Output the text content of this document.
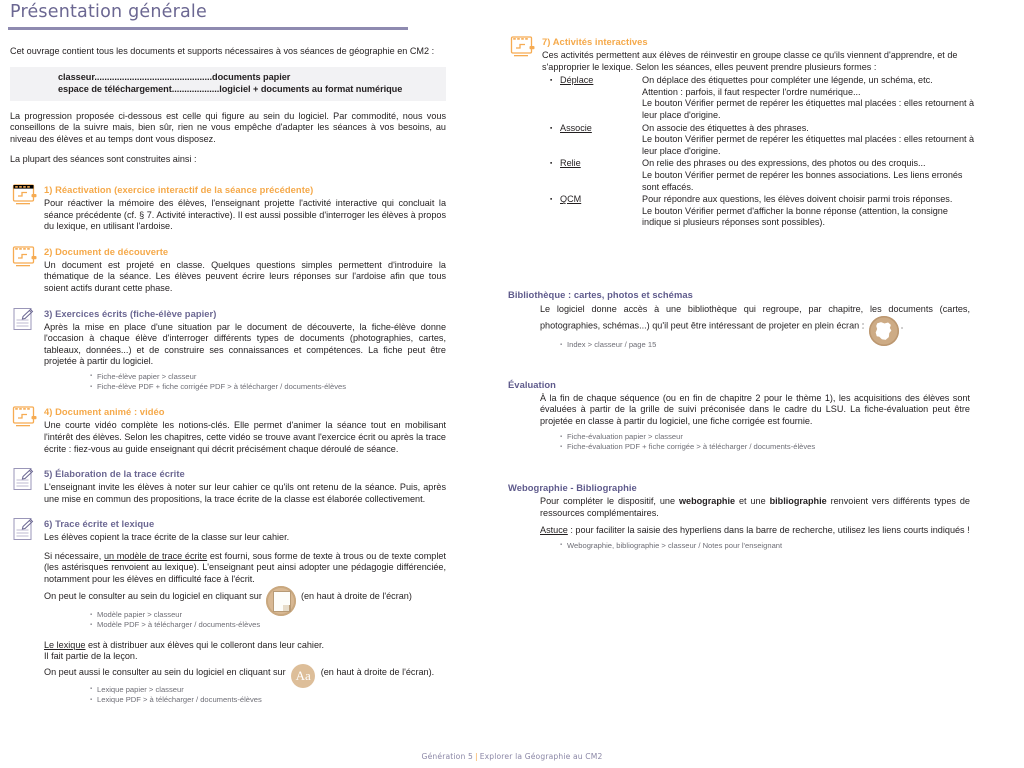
Présentation générale

Cet ouvrage contient tous les documents et supports nécessaires à vos séances de géographie en CM2 :

classeur...............................................documents papier
espace de téléchargement...................logiciel + documents au format numérique

La progression proposée ci-dessous est celle qui figure au sein du logiciel. Par commodité, nous vous conseillons de la suivre mais, bien sûr, rien ne vous empêche d'adapter les séances à vos besoins, au niveau des élèves et au temps dont vous disposez.

La plupart des séances sont construites ainsi :

1) Réactivation (exercice interactif de la séance précédente)

Pour réactiver la mémoire des élèves, l'enseignant projette l'activité interactive qui concluait la séance précédente (cf. § 7. Activité interactive). Il est aussi possible d'interroger les élèves à propos du lexique, en utilisant l'ardoise.

2) Document de découverte

Un document est projeté en classe. Quelques questions simples permettent d'introduire la thématique de la séance. Les élèves peuvent écrire leurs réponses sur l'ardoise afin que tous soient actifs durant cette phase.

3) Exercices écrits (fiche-élève papier)

Après la mise en place d'une situation par le document de découverte, la fiche-élève donne l'occasion à chaque élève d'interroger différents types de documents (photographies, cartes, tableaux, données...) et de construire ses connaissances et compétences. La fiche peut être projetée à partir du logiciel.

▪ Fiche-élève papier > classeur
▪ Fiche-élève PDF + fiche corrigée PDF > à télécharger / documents-élèves
4) Document animé : vidéo

Une courte vidéo complète les notions-clés. Elle permet d'animer la séance tout en mobilisant l'intérêt des élèves. Selon les chapitres, cette vidéo se trouve avant l'exercice écrit ou après la trace écrite : fiez-vous au guide enseignant qui décrit précisément chaque déroulé de séance.

5) Élaboration de la trace écrite

L'enseignant invite les élèves à noter sur leur cahier ce qu'ils ont retenu de la séance. Puis, après une mise en commun des propositions, la trace écrite de la classe est élaborée collectivement.

6) Trace écrite et lexique

Les élèves copient la trace écrite de la classe sur leur cahier.

Si nécessaire, un modèle de trace écrite est fourni, sous forme de texte à trous ou de texte complet (les astérisques renvoient au lexique). L'enseignant peut ainsi adopter une pédagogie différenciée, notamment pour les élèves en difficulté face à l'écrit.

On peut le consulter au sein du logiciel en cliquant sur	(en haut à droite de l'écran)

▪ Modèle papier > classeur
▪ Modèle PDF > à télécharger / documents-élèves

Le lexique est à distribuer aux élèves qui le colleront dans leur cahier.

Il fait partie de la leçon.

On peut aussi le consulter au sein du logiciel en cliquant sur Aa (en haut à droite de l'écran).

▪ Lexique papier > classeur
▪ Lexique PDF > à télécharger / documents-élèves
7) Activités interactives

Ces activités permettent aux élèves de réinvestir en groupe classe ce qu'ils viennent d'apprendre, et de s'approprier le lexique. Selon les séances, elles peuvent prendre plusieurs formes :

▪ Déplace	On déplace des étiquettes pour compléter une légende, un schéma, etc.
Attention : parfois, il faut respecter l'ordre numérique...
Le bouton Vérifier permet de repérer les étiquettes mal placées : elles retournent à
leur place d'origine.
▪ Associe	On associe des étiquettes à des phrases.
Le bouton Vérifier permet de repérer les étiquettes mal placées : elles retournent à
leur place d'origine.
▪ Relie	On relie des phrases ou des expressions, des photos ou des croquis...
Le bouton Vérifier permet de repérer les bonnes associations. Les liens erronés
sont effacés.
▪ QCM	Pour répondre aux questions, les élèves doivent choisir parmi trois réponses.
Le bouton Vérifier permet d'afficher la bonne réponse (attention, la consigne
indique si plusieurs réponses sont possibles).
Bibliothèque : cartes, photos et schémas

Le logiciel donne accès à une bibliothèque qui regroupe, par chapitre, les documents (cartes, photographies, schémas...) qu'il peut être intéressant de projeter en plein écran :	.

▪ Index > classeur / page 15
Évaluation

À la fin de chaque séquence (ou en fin de chapitre 2 pour le thème 1), les acquisitions des élèves sont évaluées à partir de la grille de suivi préconisée dans le cadre du LSU. La fiche-évaluation peut être projetée en classe à partir du logiciel, une fiche corrigée est fournie.

▪ Fiche-évaluation papier > classeur
▪ Fiche-évaluation PDF + fiche corrigée > à télécharger / documents-élèves
Webographie - Bibliographie

Pour compléter le dispositif, une webographie et une bibliographie renvoient vers différents types de ressources complémentaires.

Astuce : pour faciliter la saisie des hyperliens dans la barre de recherche, utilisez les liens courts indiqués !

▪ Webographie, bibliographie > classeur / Notes pour l'enseignant
Génération 5 | Explorer la Géographie au CM2
